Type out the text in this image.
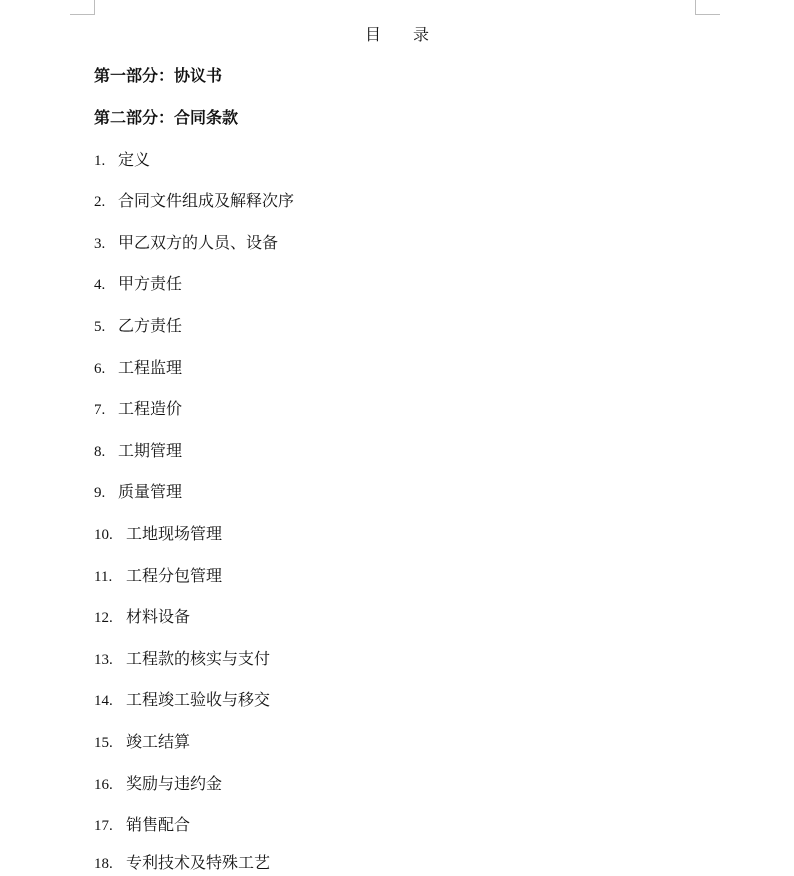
目　　录
第一部分：协议书
第二部分：合同条款
1. 定义
2. 合同文件组成及解释次序
3. 甲乙双方的人员、设备
4. 甲方责任
5. 乙方责任
6. 工程监理
7. 工程造价
8. 工期管理
9. 质量管理
10. 工地现场管理
11. 工程分包管理
12. 材料设备
13. 工程款的核实与支付
14. 工程竣工验收与移交
15. 竣工结算
16. 奖励与违约金
17. 销售配合
18. 专利技术及特殊工艺
